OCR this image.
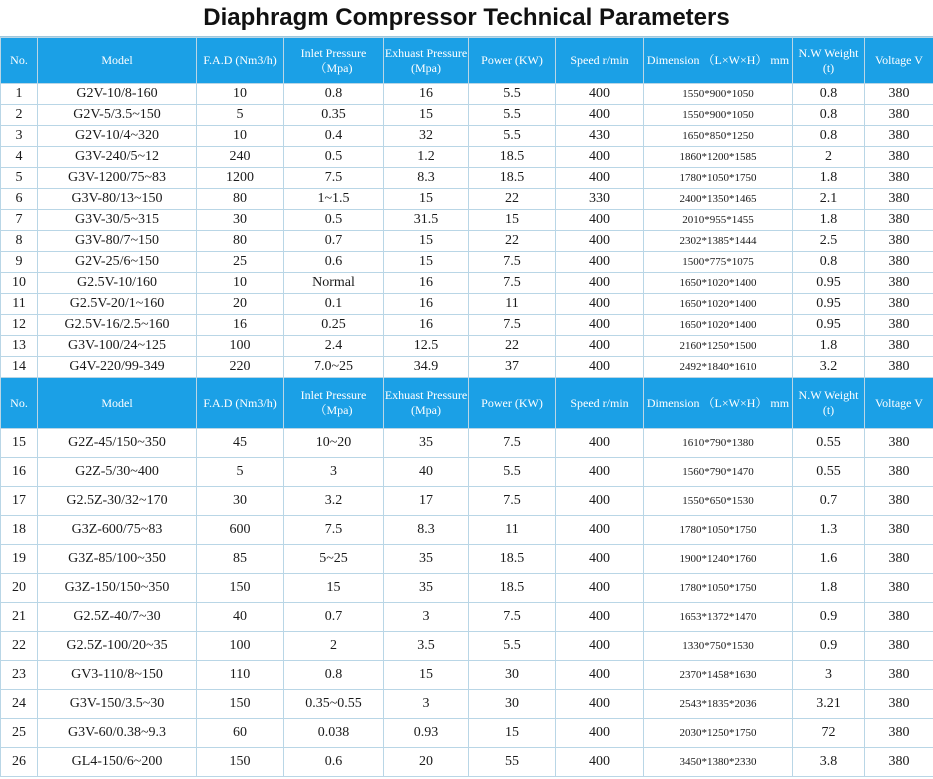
Diaphragm Compressor Technical Parameters
No.	Model	F.A.D (Nm3/h)	Inlet Pressure （Mpa)	Exhuast Pressure (Mpa)	Power (KW)	Speed r/min	Dimension （L×W×H） mm	N.W Weight (t)	Voltage V
1	G2V-10/8-160	10	0.8	16	5.5	400	1550*900*1050	0.8	380
2	G2V-5/3.5~150	5	0.35	15	5.5	400	1550*900*1050	0.8	380
3	G2V-10/4~320	10	0.4	32	5.5	430	1650*850*1250	0.8	380
4	G3V-240/5~12	240	0.5	1.2	18.5	400	1860*1200*1585	2	380
5	G3V-1200/75~83	1200	7.5	8.3	18.5	400	1780*1050*1750	1.8	380
6	G3V-80/13~150	80	1~1.5	15	22	330	2400*1350*1465	2.1	380
7	G3V-30/5~315	30	0.5	31.5	15	400	2010*955*1455	1.8	380
8	G3V-80/7~150	80	0.7	15	22	400	2302*1385*1444	2.5	380
9	G2V-25/6~150	25	0.6	15	7.5	400	1500*775*1075	0.8	380
10	G2.5V-10/160	10	Normal	16	7.5	400	1650*1020*1400	0.95	380
11	G2.5V-20/1~160	20	0.1	16	11	400	1650*1020*1400	0.95	380
12	G2.5V-16/2.5~160	16	0.25	16	7.5	400	1650*1020*1400	0.95	380
13	G3V-100/24~125	100	2.4	12.5	22	400	2160*1250*1500	1.8	380
14	G4V-220/99-349	220	7.0~25	34.9	37	400	2492*1840*1610	3.2	380
No.	Model	F.A.D (Nm3/h)	Inlet Pressure （Mpa)	Exhuast Pressure (Mpa)	Power (KW)	Speed r/min	Dimension （L×W×H） mm	N.W Weight (t)	Voltage V
15	G2Z-45/150~350	45	10~20	35	7.5	400	1610*790*1380	0.55	380
16	G2Z-5/30~400	5	3	40	5.5	400	1560*790*1470	0.55	380
17	G2.5Z-30/32~170	30	3.2	17	7.5	400	1550*650*1530	0.7	380
18	G3Z-600/75~83	600	7.5	8.3	11	400	1780*1050*1750	1.3	380
19	G3Z-85/100~350	85	5~25	35	18.5	400	1900*1240*1760	1.6	380
20	G3Z-150/150~350	150	15	35	18.5	400	1780*1050*1750	1.8	380
21	G2.5Z-40/7~30	40	0.7	3	7.5	400	1653*1372*1470	0.9	380
22	G2.5Z-100/20~35	100	2	3.5	5.5	400	1330*750*1530	0.9	380
23	GV3-110/8~150	110	0.8	15	30	400	2370*1458*1630	3	380
24	G3V-150/3.5~30	150	0.35~0.55	3	30	400	2543*1835*2036	3.21	380
25	G3V-60/0.38~9.3	60	0.038	0.93	15	400	2030*1250*1750	72	380
26	GL4-150/6~200	150	0.6	20	55	400	3450*1380*2330	3.8	380
